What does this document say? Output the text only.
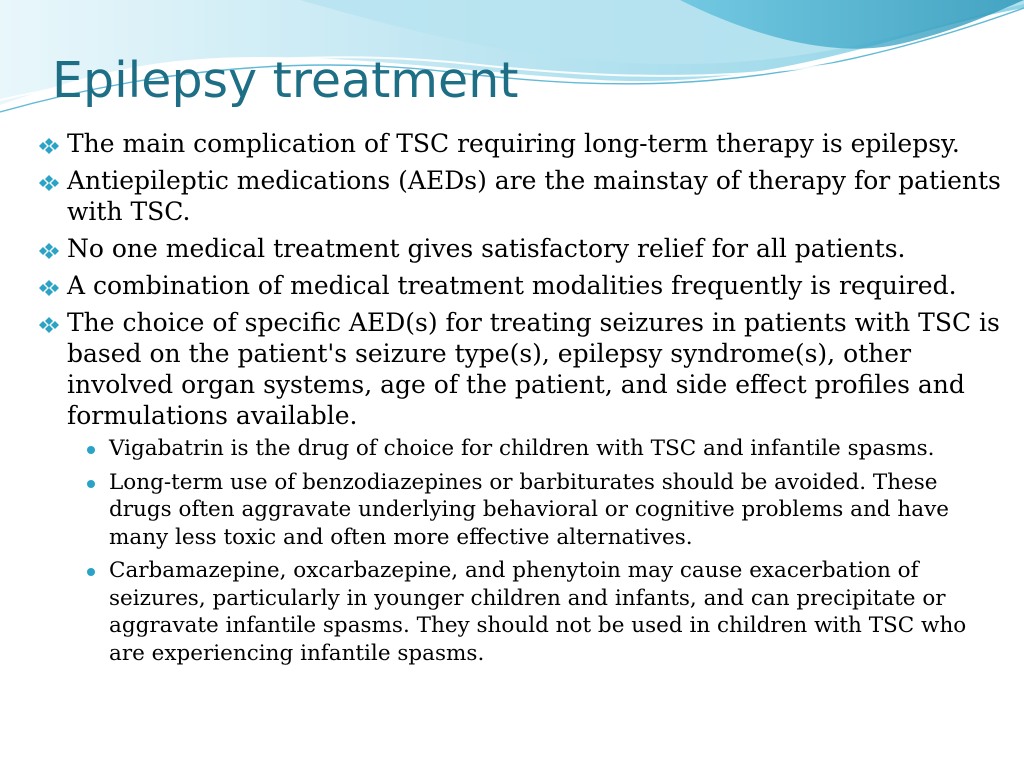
Epilepsy treatment
The main complication of TSC requiring long-term therapy is epilepsy.
Antiepileptic medications (AEDs) are the mainstay of therapy for patients with TSC.
No one medical treatment gives satisfactory relief for all patients.
A combination of medical treatment modalities frequently is required.
The choice of specific AED(s) for treating seizures in patients with TSC is based on the patient's seizure type(s), epilepsy syndrome(s), other involved organ systems, age of the patient, and side effect profiles and formulations available.
Vigabatrin is the drug of choice for children with TSC and infantile spasms.
Long-term use of benzodiazepines or barbiturates should be avoided. These drugs often aggravate underlying behavioral or cognitive problems and have many less toxic and often more effective alternatives.
Carbamazepine, oxcarbazepine, and phenytoin may cause exacerbation of seizures, particularly in younger children and infants, and can precipitate or aggravate infantile spasms. They should not be used in children with TSC who are experiencing infantile spasms.
